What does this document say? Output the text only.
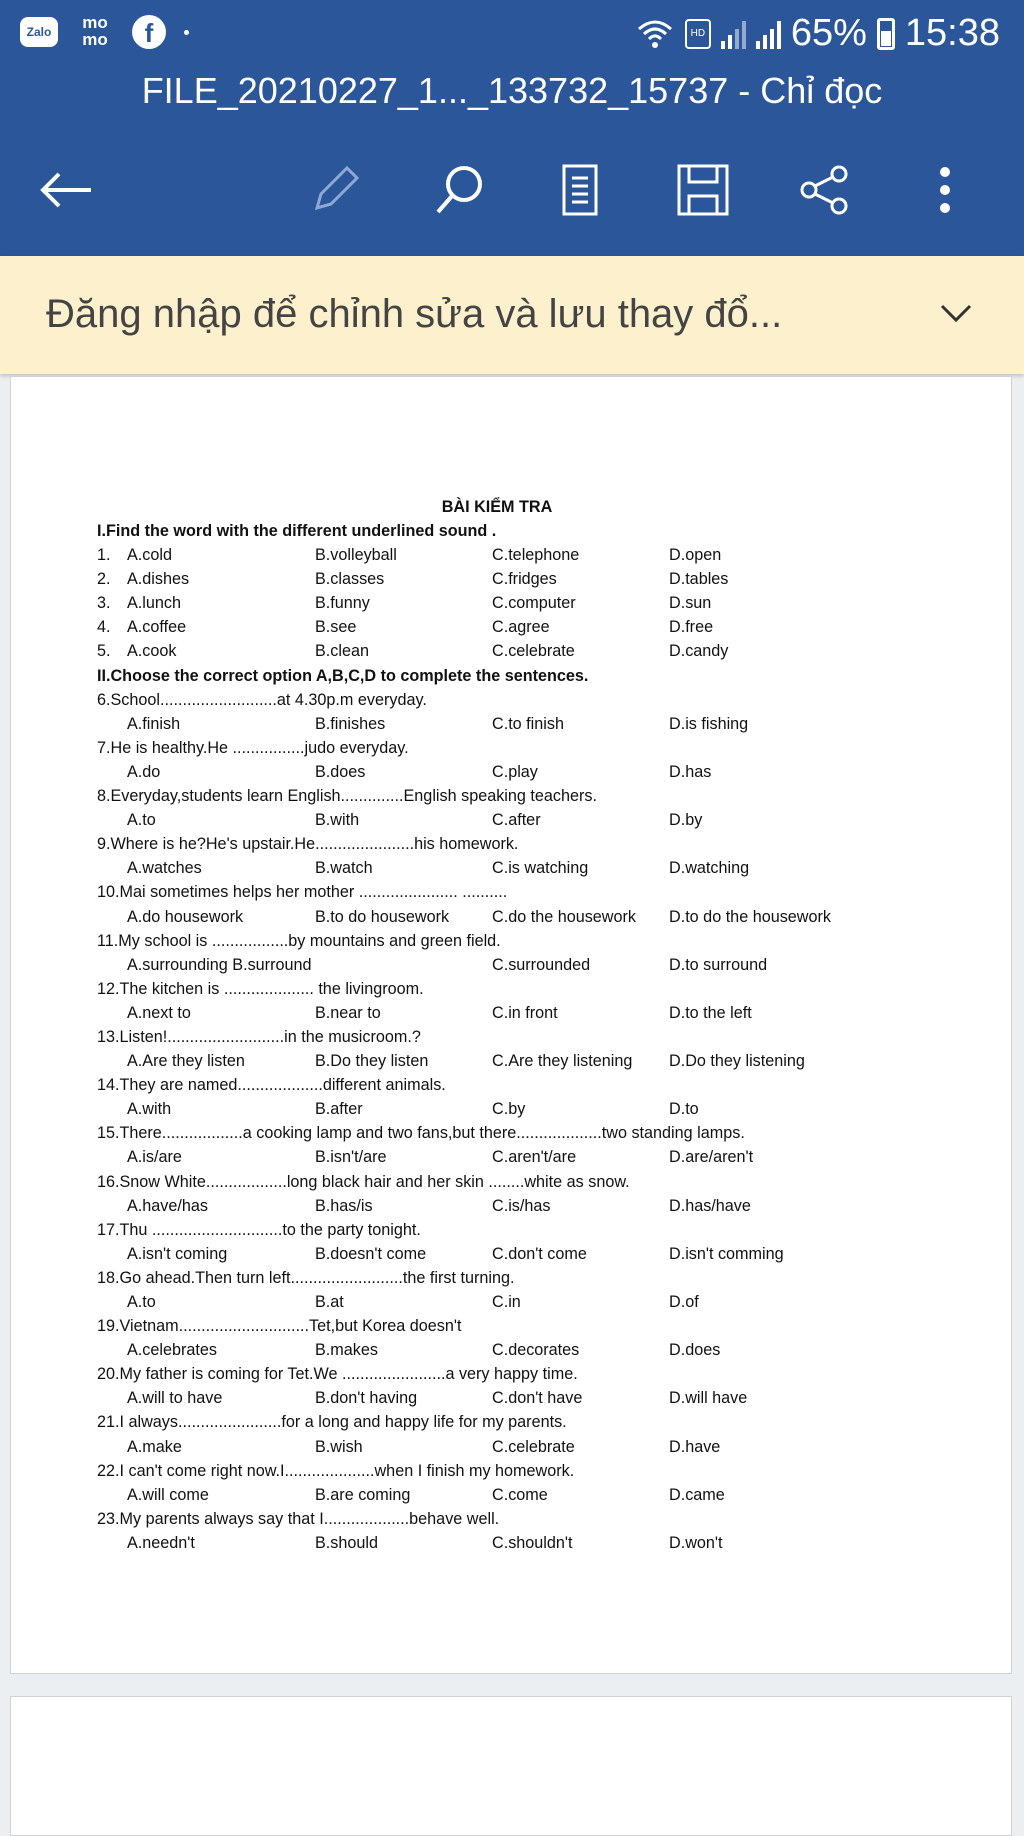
Zalo	mo mo	f	HD 65% 15:38
FILE_20210227_1..._133732_15737 - Chỉ đọc
Đăng nhập để chỉnh sửa và lưu thay đổ...
BÀI KIỂM TRA
I.Find the word with the different underlined sound .
1. A.cold	B.volleyball	C.telephone	D.open
2. A.dishes	B.classes	C.fridges	D.tables
3. A.lunch	B.funny	C.computer	D.sun
4. A.coffee	B.see	C.agree	D.free
5. A.cook	B.clean	C.celebrate	D.candy
II.Choose the correct option A,B,C,D to complete the sentences.
6.School..........................at 4.30p.m everyday.
A.finish	B.finishes	C.to finish	D.is fishing
7.He is healthy.He ................judo everyday.
A.do	B.does	C.play	D.has
8.Everyday,students learn English..............English speaking teachers.
A.to	B.with	C.after	D.by
9.Where is he?He's upstair.He......................his homework.
A.watches	B.watch	C.is watching	D.watching
10.Mai sometimes helps her mother ...................... ..........
A.do housework	B.to do housework	C.do the housework D.to do the housework
11.My school is .................by mountains and green field.
A.surrounding B.surround	C.surrounded	D.to surround
12.The kitchen is .................... the livingroom.
A.next to	B.near to	C.in front	D.to the left
13.Listen!..........................in the musicroom.?
A.Are they listen	B.Do they listen	C.Are they listening D.Do they listening
14.They are named...................different animals.
A.with	B.after	C.by	D.to
15.There..................a cooking lamp and two fans,but there...................two standing lamps.
A.is/are	B.isn't/are	C.aren't/are	D.are/aren't
16.Snow White..................long black hair and her skin ........white as snow.
A.have/has	B.has/is	C.is/has	D.has/have
17.Thu .............................to the party tonight.
A.isn't coming	B.doesn't come	C.don't come	D.isn't comming
18.Go ahead.Then turn left.........................the first turning.
A.to	B.at	C.in	D.of
19.Vietnam.............................Tet,but Korea doesn't
A.celebrates	B.makes	C.decorates	D.does
20.My father is coming for Tet.We .......................a very happy time.
A.will to have	B.don't having	C.don't have	D.will have
21.I always.......................for a long and happy life for my parents.
A.make	B.wish	C.celebrate	D.have
22.I can't come right now.I....................when I finish my homework.
A.will come	B.are coming	C.come	D.came
23.My parents always say that I...................behave well.
A.needn't	B.should	C.shouldn't	D.won't
